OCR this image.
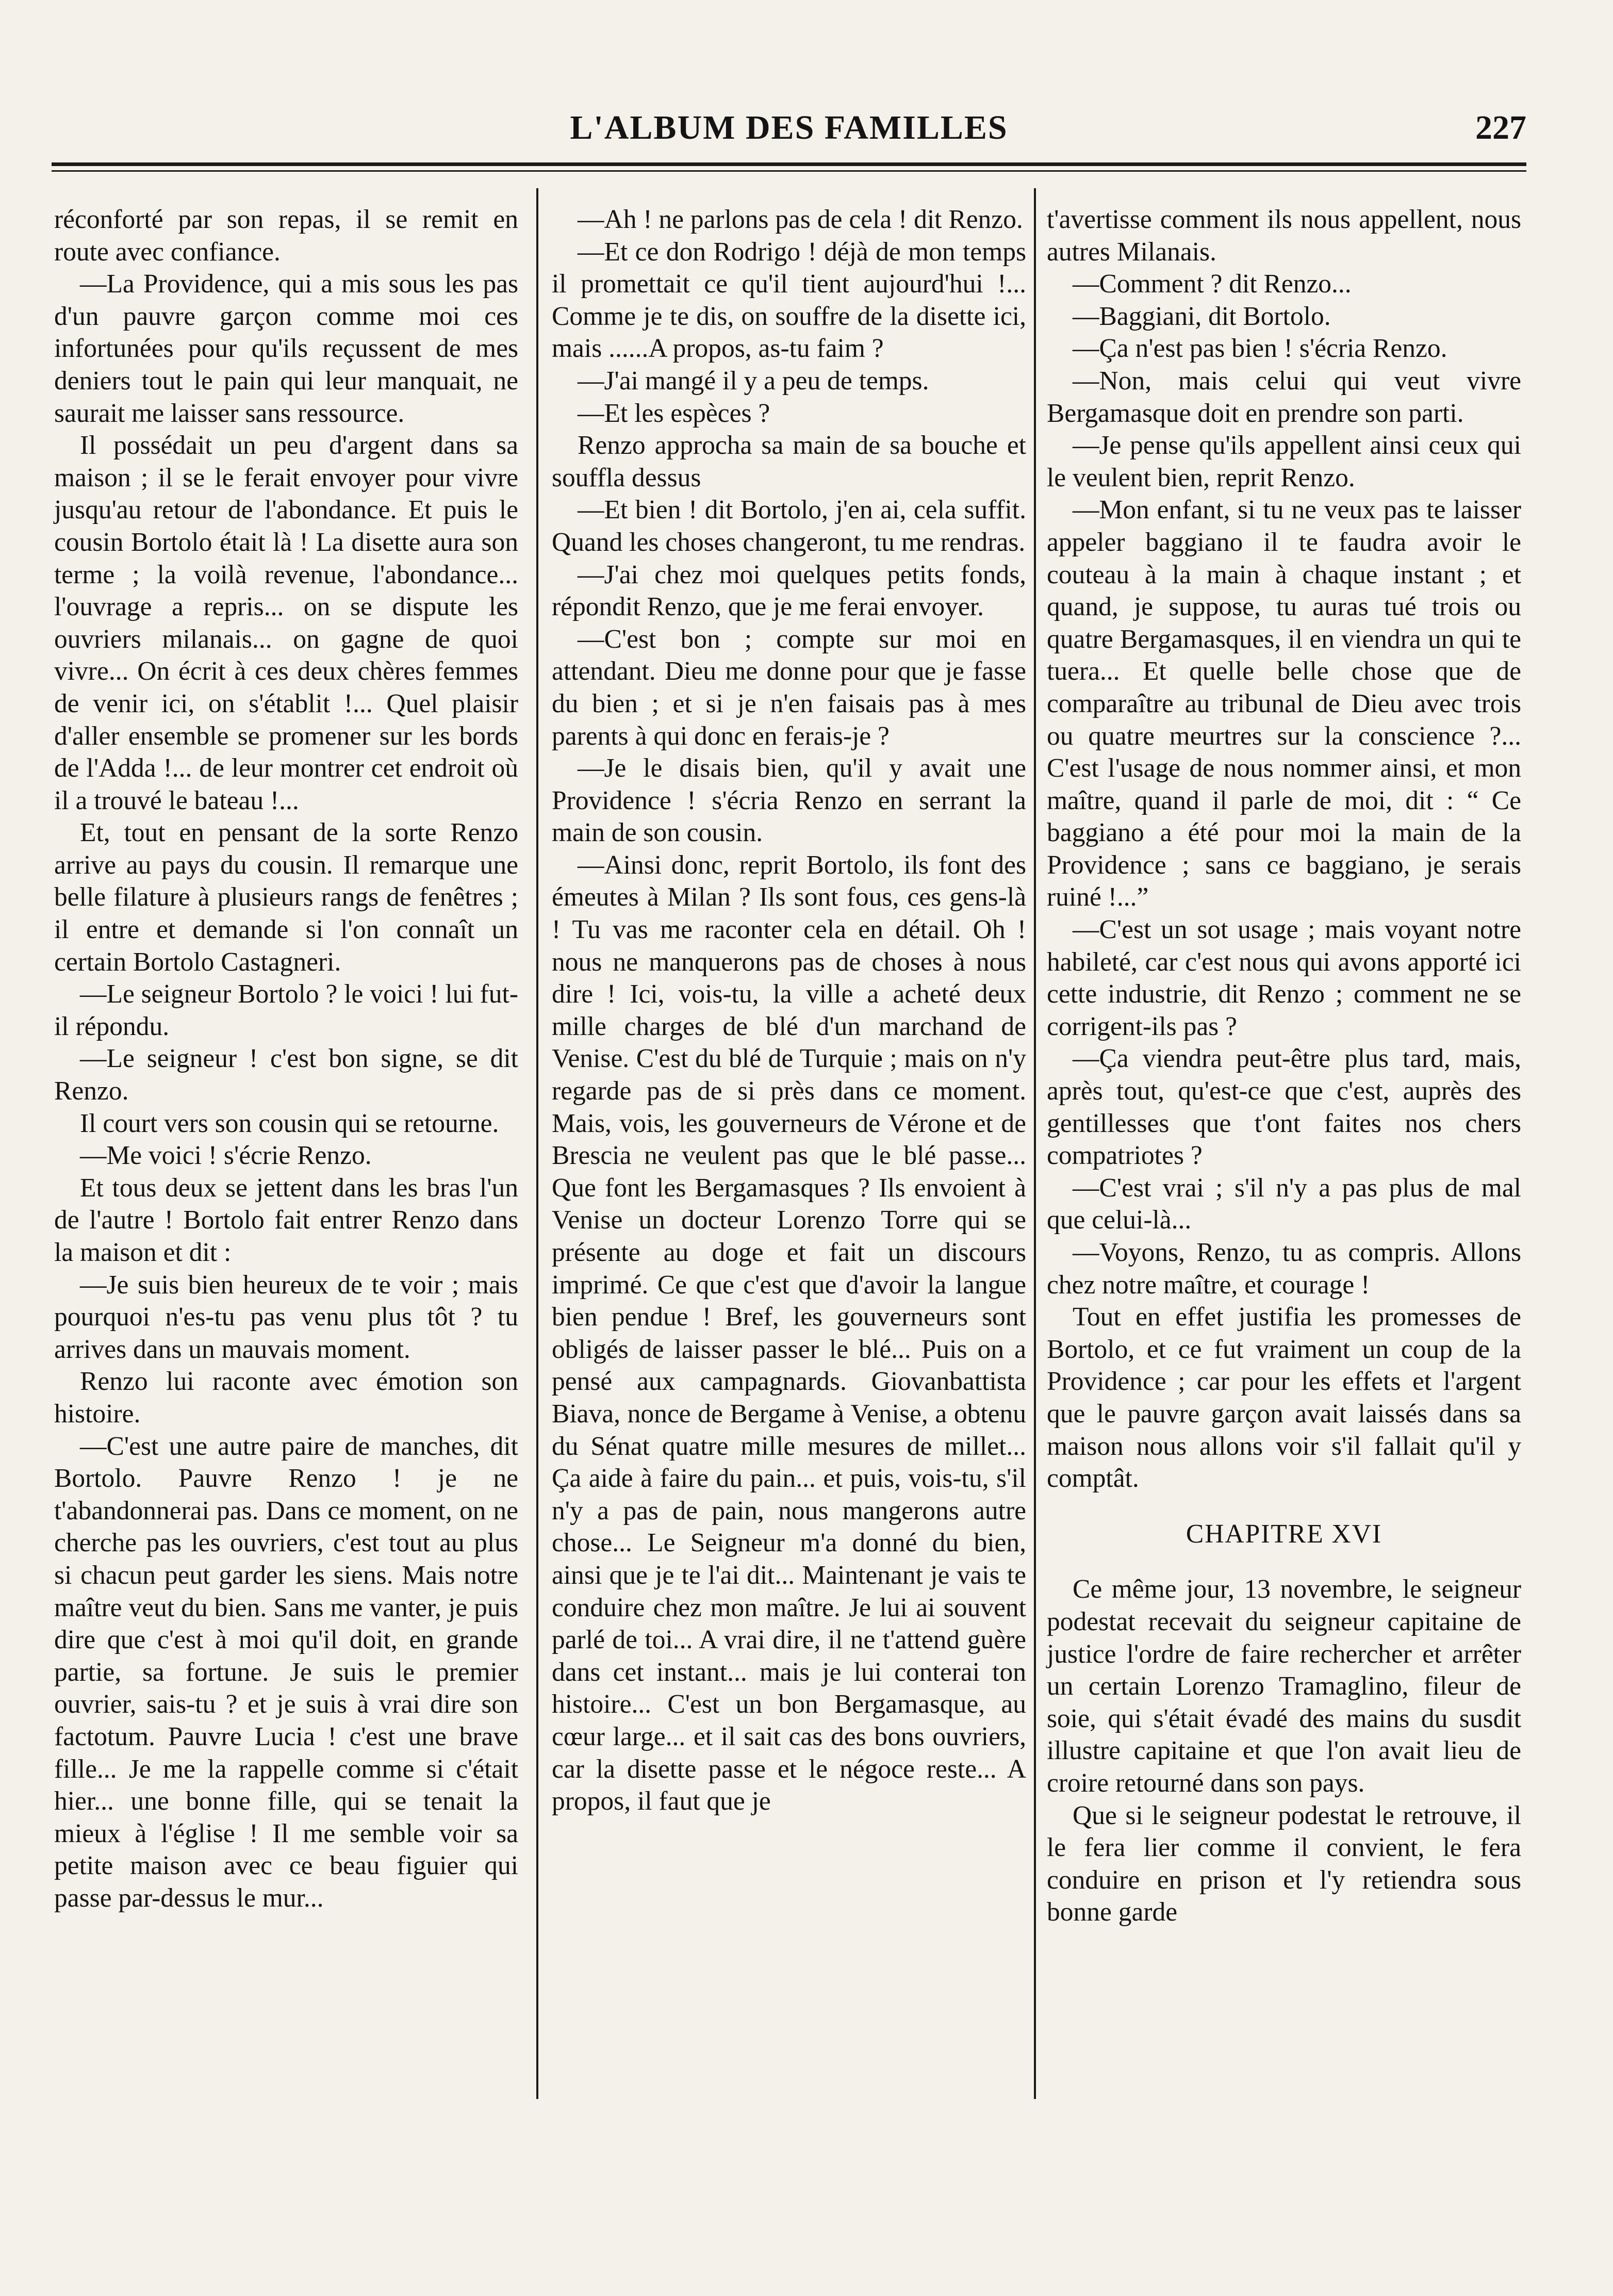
L'ALBUM DES FAMILLES	227

réconforté par son repas, il se remit en route avec confiance.

—La Providence, qui a mis sous les pas d'un pauvre garçon comme moi ces infortunées pour qu'ils reçussent de mes deniers tout le pain qui leur manquait, ne saurait me laisser sans ressource.

Il possédait un peu d'argent dans sa maison ; il se le ferait envoyer pour vivre jusqu'au retour de l'abondance. Et puis le cousin Bortolo était là ! La disette aura son terme ; la voilà revenue, l'abondance... l'ouvrage a repris... on se dispute les ouvriers milanais... on gagne de quoi vivre... On écrit à ces deux chères femmes de venir ici, on s'établit !... Quel plaisir d'aller ensemble se promener sur les bords de l'Adda !... de leur montrer cet endroit où il a trouvé le bateau !...

Et, tout en pensant de la sorte Renzo arrive au pays du cousin. Il remarque une belle filature à plusieurs rangs de fenêtres ; il entre et demande si l'on connaît un certain Bortolo Castagneri.

—Le seigneur Bortolo ? le voici ! lui fut-il répondu.

—Le seigneur ! c'est bon signe, se dit Renzo.

Il court vers son cousin qui se retourne.

—Me voici ! s'écrie Renzo.

Et tous deux se jettent dans les bras l'un de l'autre ! Bortolo fait entrer Renzo dans la maison et dit :

—Je suis bien heureux de te voir ; mais pourquoi n'es-tu pas venu plus tôt ? tu arrives dans un mauvais moment.

Renzo lui raconte avec émotion son histoire.

—C'est une autre paire de manches, dit Bortolo. Pauvre Renzo ! je ne t'abandonnerai pas. Dans ce moment, on ne cherche pas les ouvriers, c'est tout au plus si chacun peut garder les siens. Mais notre maître veut du bien. Sans me vanter, je puis dire que c'est à moi qu'il doit, en grande partie, sa fortune. Je suis le premier ouvrier, sais-tu ? et je suis à vrai dire son factotum. Pauvre Lucia ! c'est une brave fille... Je me la rappelle comme si c'était hier... une bonne fille, qui se tenait la mieux à l'église ! Il me semble voir sa petite maison avec ce beau figuier qui passe par-dessus le mur...

—Ah ! ne parlons pas de cela ! dit Renzo.

—Et ce don Rodrigo ! déjà de mon temps il promettait ce qu'il tient aujourd'hui !... Comme je te dis, on souffre de la disette ici, mais ......A propos, as-tu faim ?

—J'ai mangé il y a peu de temps.

—Et les espèces ?

Renzo approcha sa main de sa bouche et souffla dessus

—Et bien ! dit Bortolo, j'en ai, cela suffit. Quand les choses changeront, tu me rendras.

—J'ai chez moi quelques petits fonds, répondit Renzo, que je me ferai envoyer.

—C'est bon ; compte sur moi en attendant. Dieu me donne pour que je fasse du bien ; et si je n'en faisais pas à mes parents à qui donc en ferais-je ?

—Je le disais bien, qu'il y avait une Providence ! s'écria Renzo en serrant la main de son cousin.

—Ainsi donc, reprit Bortolo, ils font des émeutes à Milan ? Ils sont fous, ces gens-là ! Tu vas me raconter cela en détail. Oh ! nous ne manquerons pas de choses à nous dire ! Ici, vois-tu, la ville a acheté deux mille charges de blé d'un marchand de Venise. C'est du blé de Turquie ; mais on n'y regarde pas de si près dans ce moment. Mais, vois, les gouverneurs de Vérone et de Brescia ne veulent pas que le blé passe... Que font les Bergamasques ? Ils envoient à Venise un docteur Lorenzo Torre qui se présente au doge et fait un discours imprimé. Ce que c'est que d'avoir la langue bien pendue ! Bref, les gouverneurs sont obligés de laisser passer le blé... Puis on a pensé aux campagnards. Giovanbattista Biava, nonce de Bergame à Venise, a obtenu du Sénat quatre mille mesures de millet... Ça aide à faire du pain... et puis, vois-tu, s'il n'y a pas de pain, nous mangerons autre chose... Le Seigneur m'a donné du bien, ainsi que je te l'ai dit... Maintenant je vais te conduire chez mon maître. Je lui ai souvent parlé de toi... A vrai dire, il ne t'attend guère dans cet instant... mais je lui conterai ton histoire... C'est un bon Bergamasque, au cœur large... et il sait cas des bons ouvriers, car la disette passe et le négoce reste... A propos, il faut que je

t'avertisse comment ils nous appellent, nous autres Milanais.

—Comment ? dit Renzo...

—Baggiani, dit Bortolo.

—Ça n'est pas bien ! s'écria Renzo.

—Non, mais celui qui veut vivre Bergamasque doit en prendre son parti.

—Je pense qu'ils appellent ainsi ceux qui le veulent bien, reprit Renzo.

—Mon enfant, si tu ne veux pas te laisser appeler baggiano il te faudra avoir le couteau à la main à chaque instant ; et quand, je suppose, tu auras tué trois ou quatre Bergamasques, il en viendra un qui te tuera... Et quelle belle chose que de comparaître au tribunal de Dieu avec trois ou quatre meurtres sur la conscience ?... C'est l'usage de nous nommer ainsi, et mon maître, quand il parle de moi, dit : “ Ce baggiano a été pour moi la main de la Providence ; sans ce baggiano, je serais ruiné !...”

—C'est un sot usage ; mais voyant notre habileté, car c'est nous qui avons apporté ici cette industrie, dit Renzo ; comment ne se corrigent-ils pas ?

—Ça viendra peut-être plus tard, mais, après tout, qu'est-ce que c'est, auprès des gentillesses que t'ont faites nos chers compatriotes ?

—C'est vrai ; s'il n'y a pas plus de mal que celui-là...

—Voyons, Renzo, tu as compris. Allons chez notre maître, et courage !

Tout en effet justifia les promesses de Bortolo, et ce fut vraiment un coup de la Providence ; car pour les effets et l'argent que le pauvre garçon avait laissés dans sa maison nous allons voir s'il fallait qu'il y comptât.

CHAPITRE XVI

Ce même jour, 13 novembre, le seigneur podestat recevait du seigneur capitaine de justice l'ordre de faire rechercher et arrêter un certain Lorenzo Tramaglino, fileur de soie, qui s'était évadé des mains du susdit illustre capitaine et que l'on avait lieu de croire retourné dans son pays.

Que si le seigneur podestat le retrouve, il le fera lier comme il convient, le fera conduire en prison et l'y retiendra sous bonne garde
